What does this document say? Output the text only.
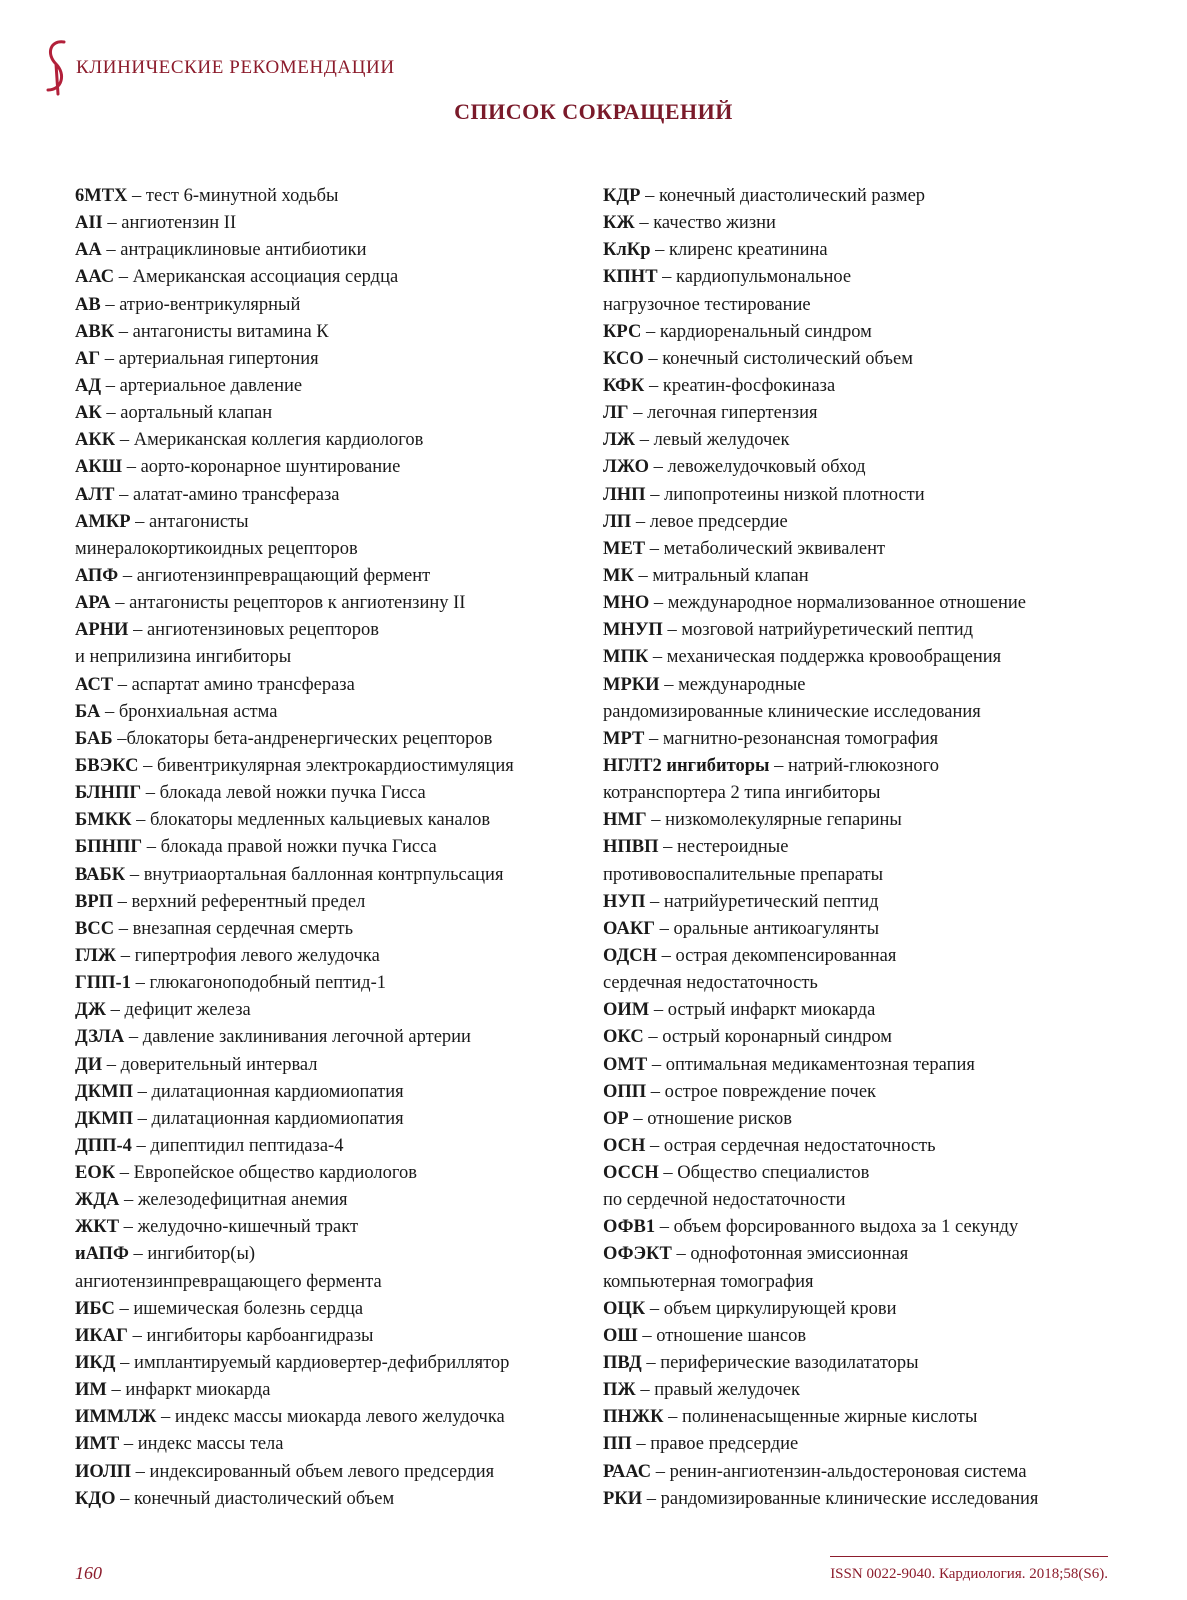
КЛИНИЧЕСКИЕ РЕКОМЕНДАЦИИ
СПИСОК СОКРАЩЕНИЙ
6МТХ – тест 6-минутной ходьбы
АII – ангиотензин II
АА – антрациклиновые антибиотики
ААС – Американская ассоциация сердца
АВ – атрио-вентрикулярный
АВК – антагонисты витамина К
АГ – артериальная гипертония
АД – артериальное давление
АК – аортальный клапан
АКК – Американская коллегия кардиологов
АКШ – аорто-коронарное шунтирование
АЛТ – алатат-амино трансфераза
АМКР – антагонисты
минералокортикоидных рецепторов
АПФ – ангиотензинпревращающий фермент
АРА – антагонисты рецепторов к ангиотензину II
АРНИ – ангиотензиновых рецепторов
и неприлизина ингибиторы
АСТ – аспартат амино трансфераза
БА – бронхиальная астма
БАБ –блокаторы бета-андренергических рецепторов
БВЭКС – бивентрикулярная электрокардиостимуляция
БЛНПГ – блокада левой ножки пучка Гисса
БМКК – блокаторы медленных кальциевых каналов
БПНПГ – блокада правой ножки пучка Гисса
ВАБК – внутриаортальная баллонная контрпульсация
ВРП – верхний референтный предел
ВСС – внезапная сердечная смерть
ГЛЖ – гипертрофия левого желудочка
ГПП-1 – глюкагоноподобный пептид-1
ДЖ – дефицит железа
ДЗЛА – давление заклинивания легочной артерии
ДИ – доверительный интервал
ДКМП – дилатационная кардиомиопатия
ДКМП – дилатационная кардиомиопатия
ДПП-4 – дипептидил пептидаза-4
ЕОК – Европейское общество кардиологов
ЖДА – железодефицитная анемия
ЖКТ – желудочно-кишечный тракт
иАПФ – ингибитор(ы)
ангиотензинпревращающего фермента
ИБС – ишемическая болезнь сердца
ИКАГ – ингибиторы карбоангидразы
ИКД – имплантируемый кардиовертер-дефибриллятор
ИМ – инфаркт миокарда
ИММЛЖ – индекс массы миокарда левого желудочка
ИМТ – индекс массы тела
ИОЛП – индексированный объем левого предсердия
КДО – конечный диастолический объем
КДР – конечный диастолический размер
КЖ – качество жизни
КлКр – клиренс креатинина
КПНТ – кардиопульмональное
нагрузочное тестирование
КРС – кардиоренальный синдром
КСО – конечный систолический объем
КФК – креатин-фосфокиназа
ЛГ – легочная гипертензия
ЛЖ – левый желудочек
ЛЖО – левожелудочковый обход
ЛНП – липопротеины низкой плотности
ЛП – левое предсердие
МЕТ – метаболический эквивалент
МК – митральный клапан
МНО – международное нормализованное отношение
МНУП – мозговой натрийуретический пептид
МПК – механическая поддержка кровообращения
МРКИ – международные
рандомизированные клинические исследования
МРТ – магнитно-резонансная томография
НГЛТ2 ингибиторы – натрий-глюкозного
котранспортера 2 типа ингибиторы
НМГ – низкомолекулярные гепарины
НПВП – нестероидные
противовоспалительные препараты
НУП – натрийуретический пептид
ОАКГ – оральные антикоагулянты
ОДСН – острая декомпенсированная
сердечная недостаточность
ОИМ – острый инфаркт миокарда
ОКС – острый коронарный синдром
ОМТ – оптимальная медикаментозная терапия
ОПП – острое повреждение почек
ОР – отношение рисков
ОСН – острая сердечная недостаточность
ОССН – Общество специалистов
по сердечной недостаточности
ОФВ1 – объем форсированного выдоха за 1 секунду
ОФЭКТ – однофотонная эмиссионная
компьютерная томография
ОЦК – объем циркулирующей крови
ОШ – отношение шансов
ПВД – периферические вазодилататоры
ПЖ – правый желудочек
ПНЖК – полиненасыщенные жирные кислоты
ПП – правое предсердие
РААС – ренин-ангиотензин-альдостероновая система
РКИ – рандомизированные клинические исследования
160	ISSN 0022-9040. Кардиология. 2018;58(S6).
